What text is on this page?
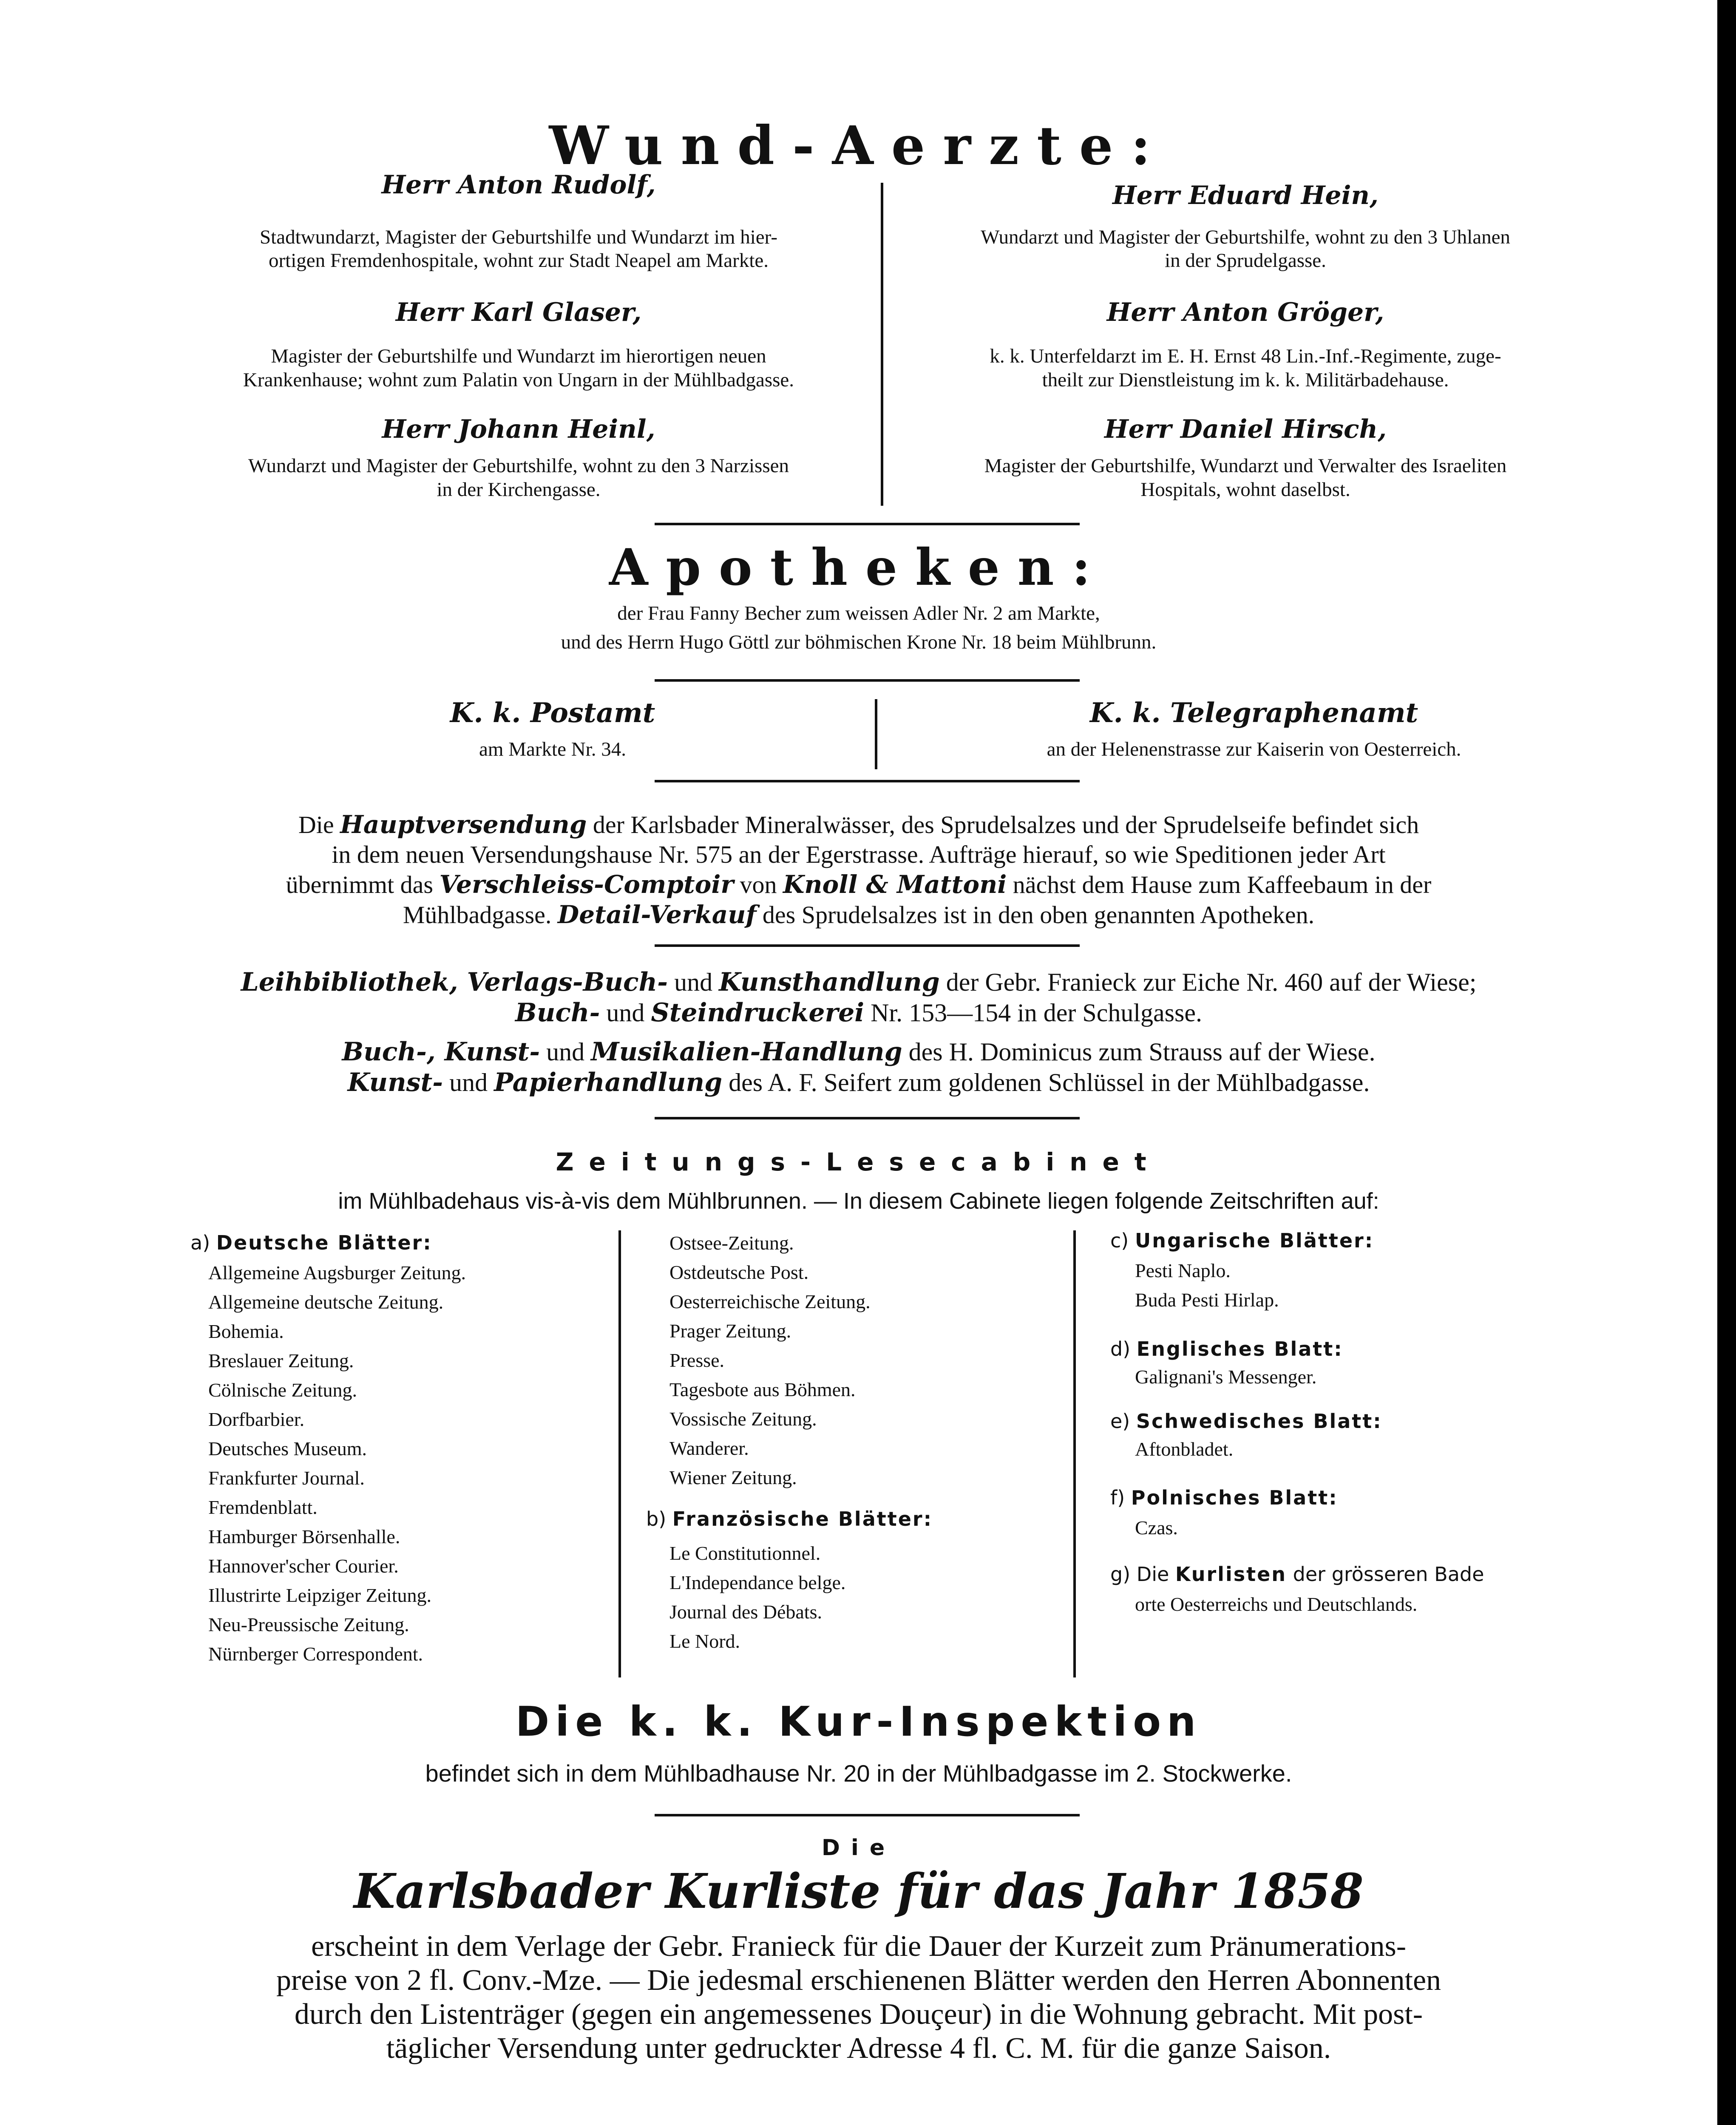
Wund-Aerzte:
Herr Anton Rudolf,
Stadtwundarzt, Magister der Geburtshilfe und Wundarzt im hier-
ortigen Fremdenhospitale, wohnt zur Stadt Neapel am Markte.
Herr Karl Glaser,
Magister der Geburtshilfe und Wundarzt im hierortigen neuen
Krankenhause; wohnt zum Palatin von Ungarn in der Mühlbadgasse.
Herr Johann Heinl,
Wundarzt und Magister der Geburtshilfe, wohnt zu den 3 Narzissen
in der Kirchengasse.
Herr Eduard Hein,
Wundarzt und Magister der Geburtshilfe, wohnt zu den 3 Uhlanen
in der Sprudelgasse.
Herr Anton Gröger,
k. k. Unterfeldarzt im E. H. Ernst 48 Lin.-Inf.-Regimente, zuge-
theilt zur Dienstleistung im k. k. Militärbadehause.
Herr Daniel Hirsch,
Magister der Geburtshilfe, Wundarzt und Verwalter des Israeliten
Hospitals, wohnt daselbst.
Apotheken:
der Frau Fanny Becher zum weissen Adler Nr. 2 am Markte,
und des Herrn Hugo Göttl zur böhmischen Krone Nr. 18 beim Mühlbrunn.
K. k. Postamt
am Markte Nr. 34.
K. k. Telegraphenamt
an der Helenenstrasse zur Kaiserin von Oesterreich.
Die Hauptversendung der Karlsbader Mineralwässer, des Sprudelsalzes und der Sprudelseife befindet sich
in dem neuen Versendungshause Nr. 575 an der Egerstrasse. Aufträge hierauf, so wie Speditionen jeder Art
übernimmt das Verschleiss-Comptoir von Knoll & Mattoni nächst dem Hause zum Kaffeebaum in der
Mühlbadgasse. Detail-Verkauf des Sprudelsalzes ist in den oben genannten Apotheken.
Leihbibliothek, Verlags-Buch- und Kunsthandlung der Gebr. Franieck zur Eiche Nr. 460 auf der Wiese;
Buch- und Steindruckerei Nr. 153—154 in der Schulgasse.
Buch-, Kunst- und Musikalien-Handlung des H. Dominicus zum Strauss auf der Wiese.
Kunst- und Papierhandlung des A. F. Seifert zum goldenen Schlüssel in der Mühlbadgasse.
Zeitungs-Lesecabinet
im Mühlbadehaus vis-à-vis dem Mühlbrunnen. — In diesem Cabinete liegen folgende Zeitschriften auf:
a) Deutsche Blätter:
Allgemeine Augsburger Zeitung.
Allgemeine deutsche Zeitung.
Bohemia.
Breslauer Zeitung.
Cölnische Zeitung.
Dorfbarbier.
Deutsches Museum.
Frankfurter Journal.
Fremdenblatt.
Hamburger Börsenhalle.
Hannover'scher Courier.
Illustrirte Leipziger Zeitung.
Neu-Preussische Zeitung.
Nürnberger Correspondent.
Ostsee-Zeitung.
Ostdeutsche Post.
Oesterreichische Zeitung.
Prager Zeitung.
Presse.
Tagesbote aus Böhmen.
Vossische Zeitung.
Wanderer.
Wiener Zeitung.
b) Französische Blätter:
Le Constitutionnel.
L'Independance belge.
Journal des Débats.
Le Nord.
c) Ungarische Blätter:
Pesti Naplo.
Buda Pesti Hirlap.
d) Englisches Blatt:
Galignani's Messenger.
e) Schwedisches Blatt:
Aftonbladet.
f) Polnisches Blatt:
Czas.
g) Die Kurlisten der grösseren Bade
orte Oesterreichs und Deutschlands.
Die k. k. Kur-Inspektion
befindet sich in dem Mühlbadhause Nr. 20 in der Mühlbadgasse im 2. Stockwerke.
Die
Karlsbader Kurliste für das Jahr 1858
erscheint in dem Verlage der Gebr. Franieck für die Dauer der Kurzeit zum Pränumerations-
preise von 2 fl. Conv.-Mze. — Die jedesmal erschienenen Blätter werden den Herren Abonnenten
durch den Listenträger (gegen ein angemessenes Douçeur) in die Wohnung gebracht. Mit post-
täglicher Versendung unter gedruckter Adresse 4 fl. C. M. für die ganze Saison.
